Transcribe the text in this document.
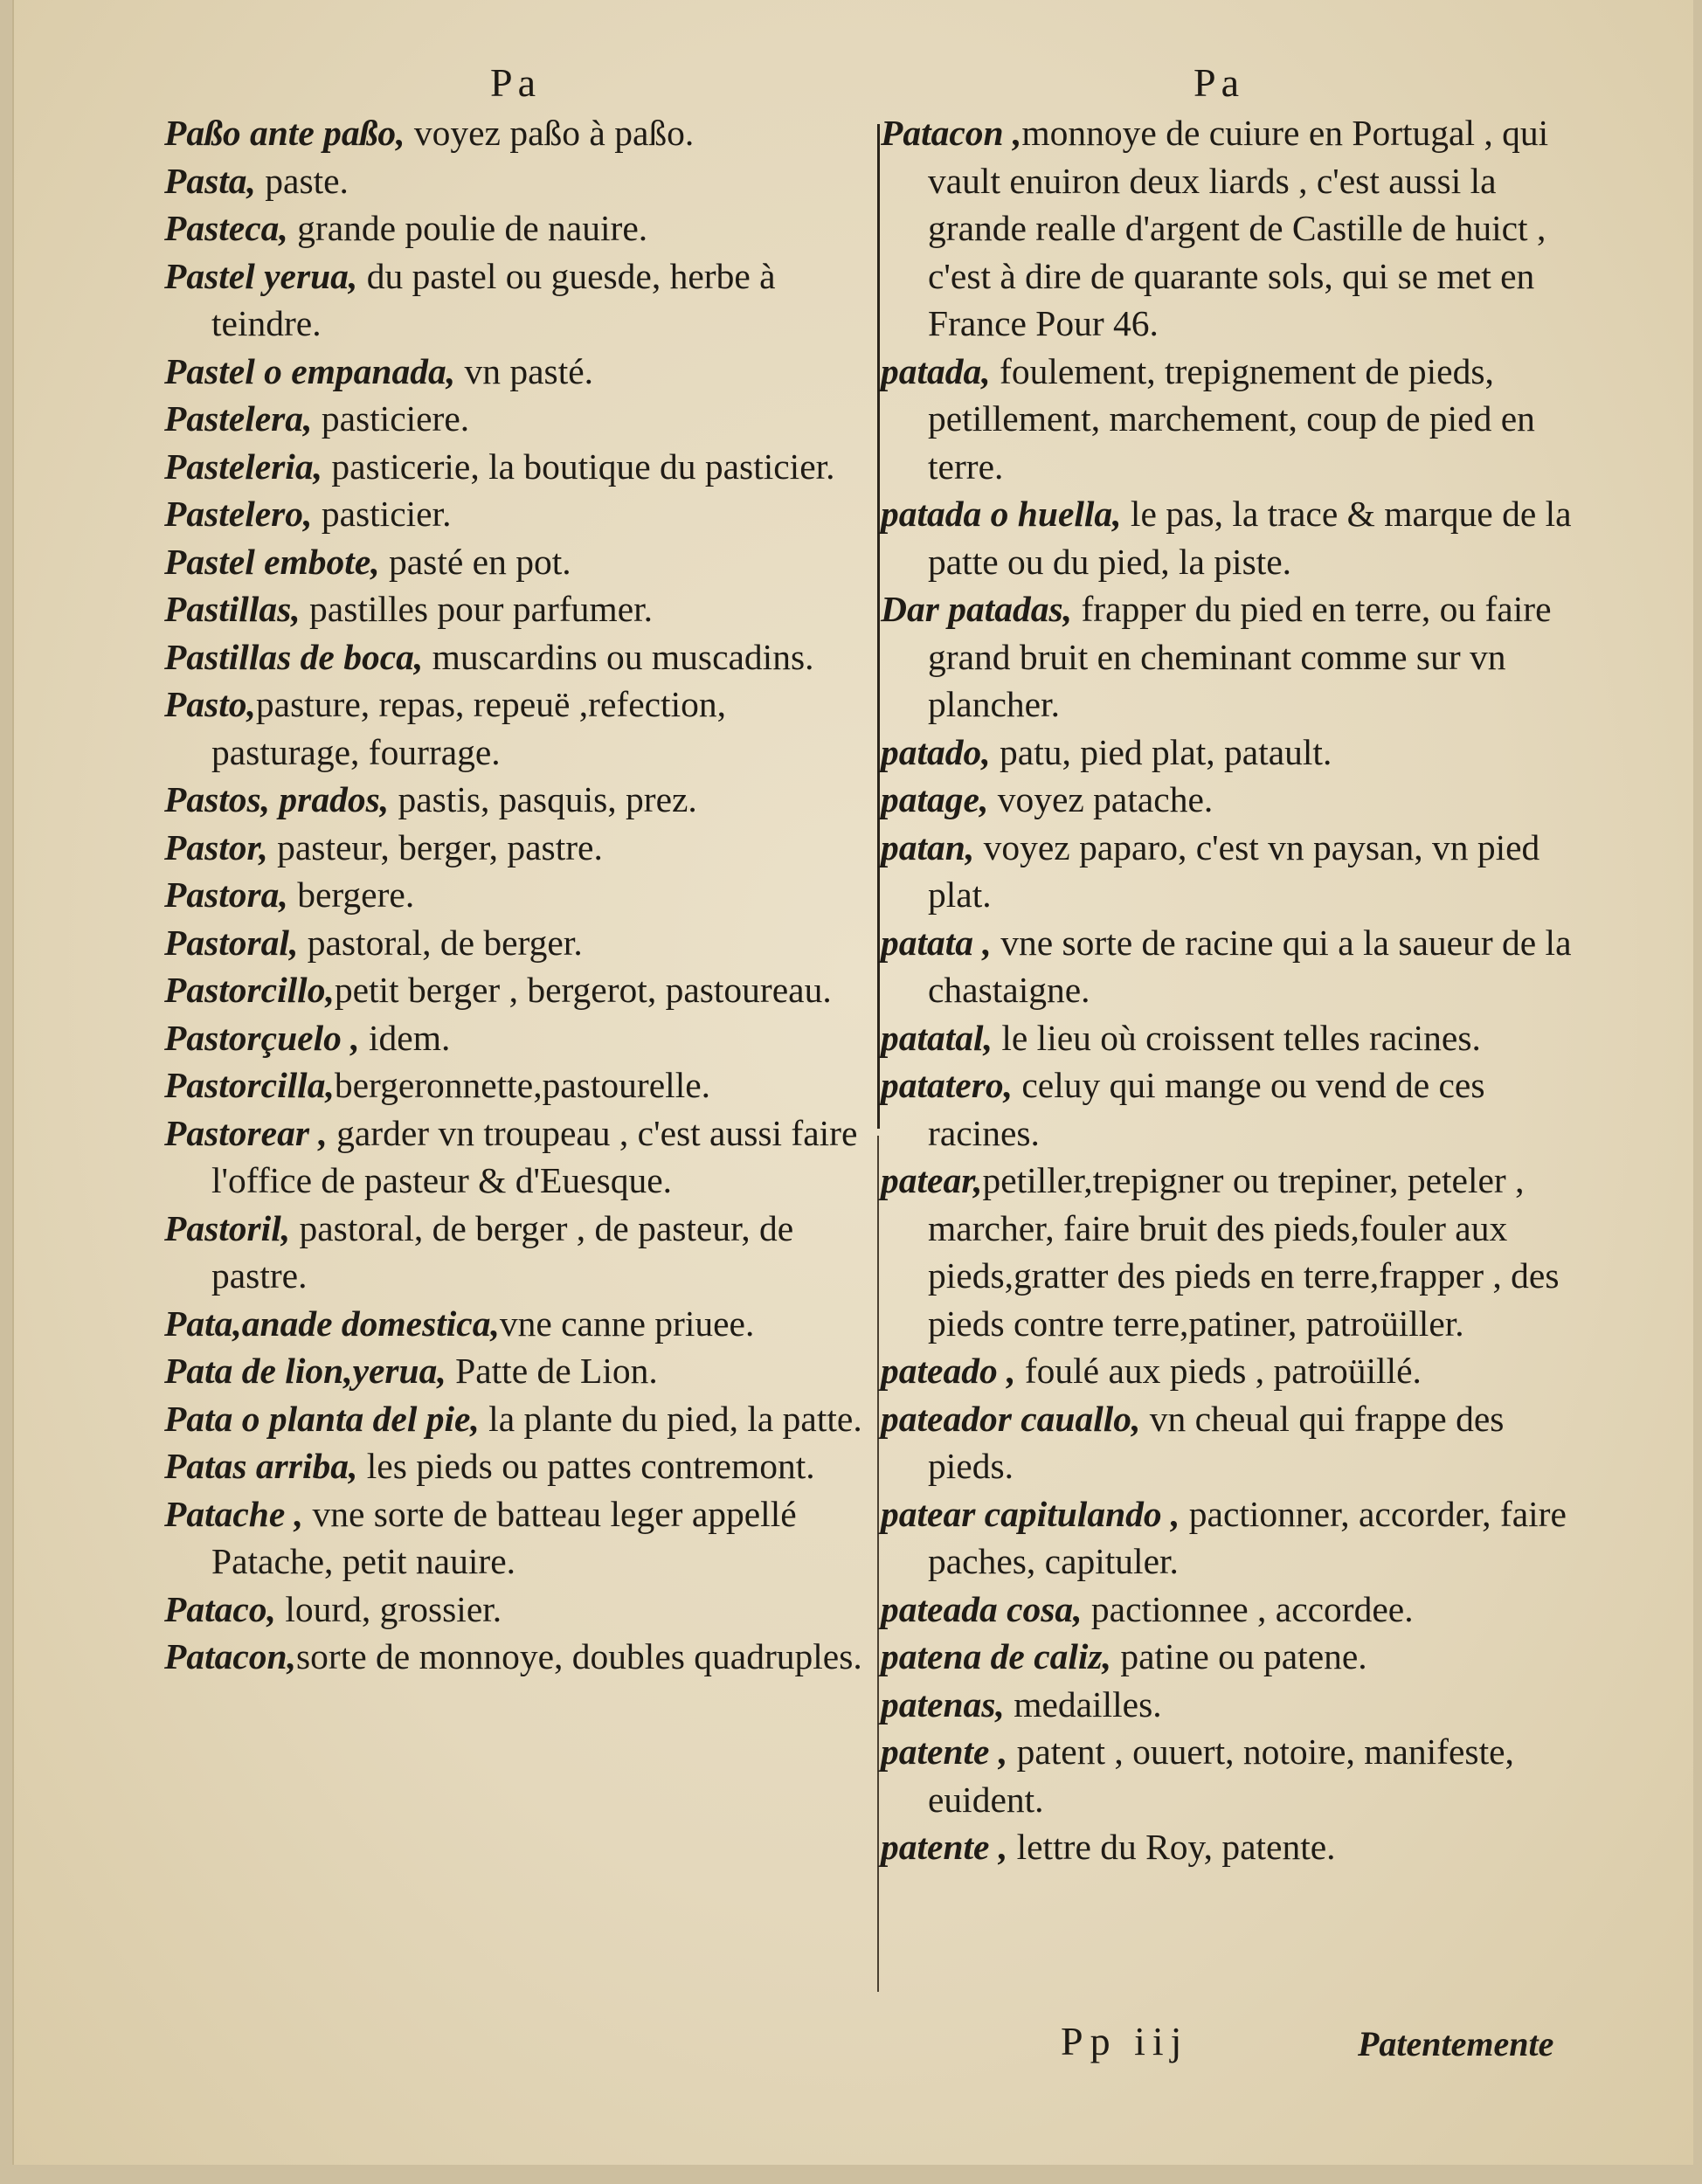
Pa	Pa

Paßo ante paßo, voyez paßo à paßo.

Pasta, paste.

Pasteca, grande poulie de nauire.

Pastel yerua, du pastel ou guesde, herbe à teindre.

Pastel o empanada, vn pasté.

Pastelera, pasticiere.

Pasteleria, pasticerie, la boutique du pasticier.

Pastelero, pasticier.

Pastel embote, pasté en pot.

Pastillas, pastilles pour parfumer.

Pastillas de boca, muscardins ou muscadins.

Pasto,pasture, repas, repeuë ,refection, pasturage, fourrage.

Pastos, prados, pastis, pasquis, prez.

Pastor, pasteur, berger, pastre.

Pastora, bergere.

Pastoral, pastoral, de berger.

Pastorcillo,petit berger , bergerot, pastoureau.

Pastorçuelo , idem.

Pastorcilla,bergeronnette,pastourelle.

Pastorear , garder vn troupeau , c'est aussi faire l'office de pasteur & d'Euesque.

Pastoril, pastoral, de berger , de pasteur, de pastre.

Pata,anade domestica,vne canne priuee.

Pata de lion,yerua, Patte de Lion.

Pata o planta del pie, la plante du pied, la patte.

Patas arriba, les pieds ou pattes contremont.

Patache , vne sorte de batteau leger appellé Patache, petit nauire.

Pataco, lourd, grossier.

Patacon,sorte de monnoye, doubles quadruples.

Patacon ,monnoye de cuiure en Portugal , qui vault enuiron deux liards , c'est aussi la grande realle d'argent de Castille de huict , c'est à dire de quarante sols, qui se met en France Pour 46.

patada, foulement, trepignement de pieds, petillement, marchement, coup de pied en terre.

patada o huella, le pas, la trace & marque de la patte ou du pied, la piste.

Dar patadas, frapper du pied en terre, ou faire grand bruit en cheminant comme sur vn plancher.

patado, patu, pied plat, patault.

patage, voyez patache.

patan, voyez paparo, c'est vn paysan, vn pied plat.

patata , vne sorte de racine qui a la saueur de la chastaigne.

patatal, le lieu où croissent telles racines.

patatero, celuy qui mange ou vend de ces racines.

patear,petiller,trepigner ou trepiner, peteler , marcher, faire bruit des pieds,fouler aux pieds,gratter des pieds en terre,frapper , des pieds contre terre,patiner, patroüiller.

pateado , foulé aux pieds , patroüillé.

pateador cauallo, vn cheual qui frappe des pieds.

patear capitulando , pactionner, accorder, faire paches, capituler.

pateada cosa, pactionnee , accordee.

patena de caliz, patine ou patene.

patenas, medailles.

patente , patent , ouuert, notoire, manifeste, euident.

patente , lettre du Roy, patente.

Pp iij	Patentemente
